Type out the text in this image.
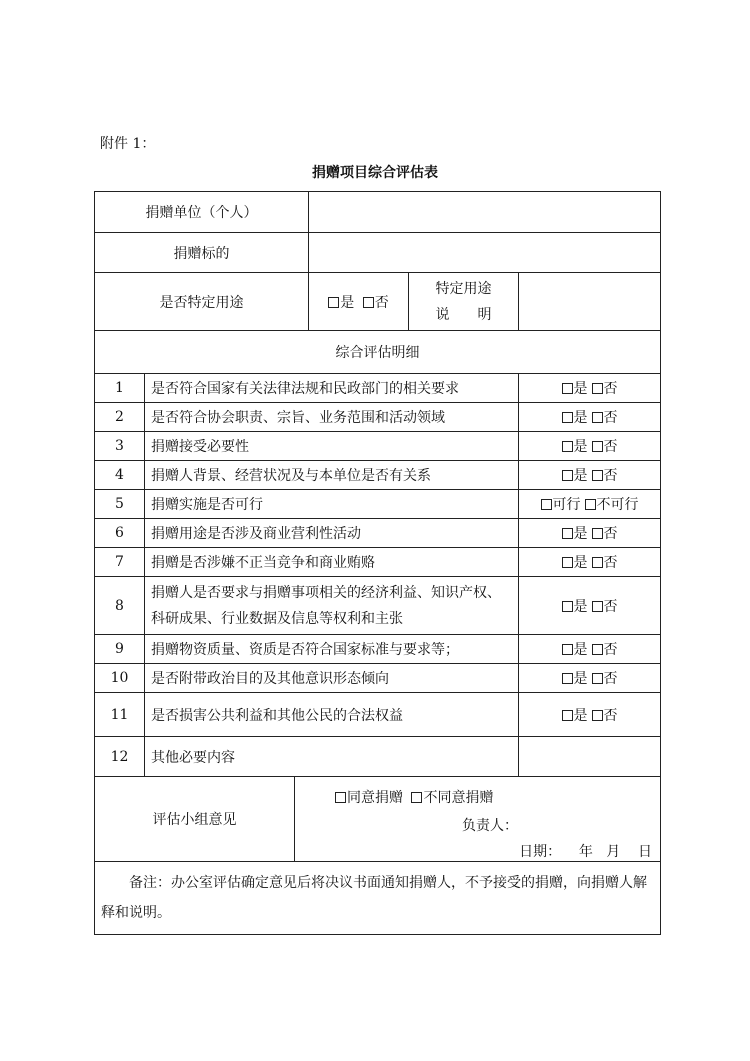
附件 1：
捐赠项目综合评估表
捐赠单位（个人）					
捐赠标的					
是否特定用途			是 否	特定用途
说　　明	

综合评估明细					
1	是否符合国家有关法律法规和民政部门的相关要求				是 否
2	是否符合协会职责、宗旨、业务范围和活动领域				是 否
3	捐赠接受必要性				是 否
4	捐赠人背景、经营状况及与本单位是否有关系				是 否
5	捐赠实施是否可行				可行 不可行
6	捐赠用途是否涉及商业营利性活动				是 否
7	捐赠是否涉嫌不正当竞争和商业贿赂				是 否
8	捐赠人是否要求与捐赠事项相关的经济利益、知识产权、科研成果、行业数据及信息等权利和主张				是 否
9	捐赠物资质量、资质是否符合国家标准与要求等；				是 否
10	是否附带政治目的及其他意识形态倾向				是 否
11	是否损害公共利益和其他公民的合法权益				是 否
12	其他必要内容				
评估小组意见		同意捐赠 不同意捐赠
负责人：
日期：    年   月    日			

备注：办公室评估确定意见后将决议书面通知捐赠人，不予接受的捐赠，向捐赠人解释和说明。					
